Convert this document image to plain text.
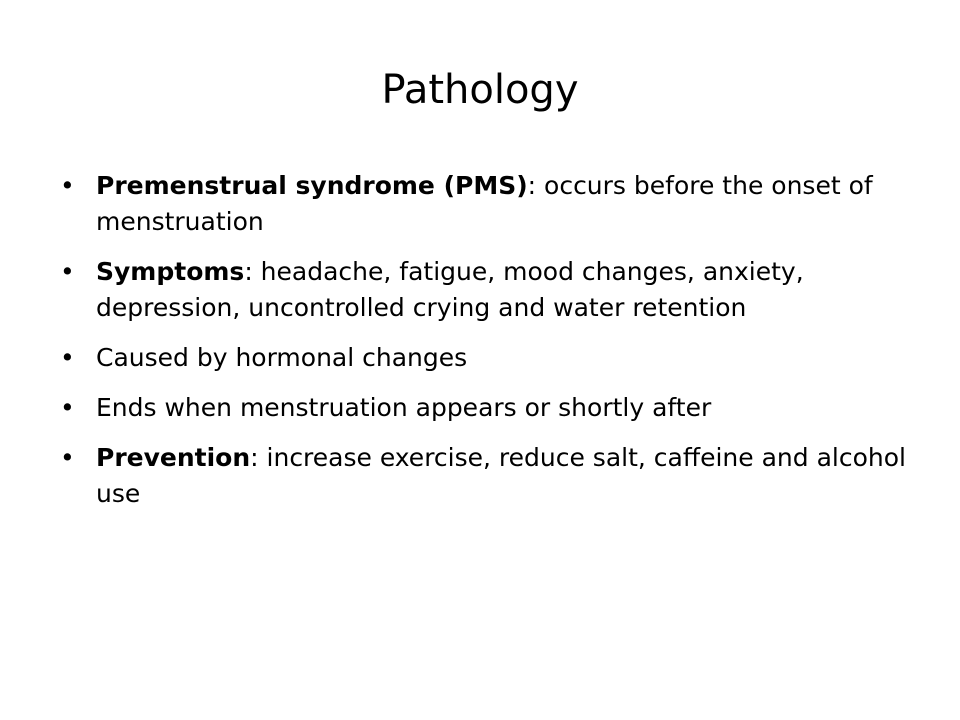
Pathology
• Premenstrual syndrome (PMS): occurs before the onset of menstruation
• Symptoms: headache, fatigue, mood changes, anxiety, depression, uncontrolled crying and water retention
• Caused by hormonal changes
• Ends when menstruation appears or shortly after
• Prevention: increase exercise, reduce salt, caffeine and alcohol use
